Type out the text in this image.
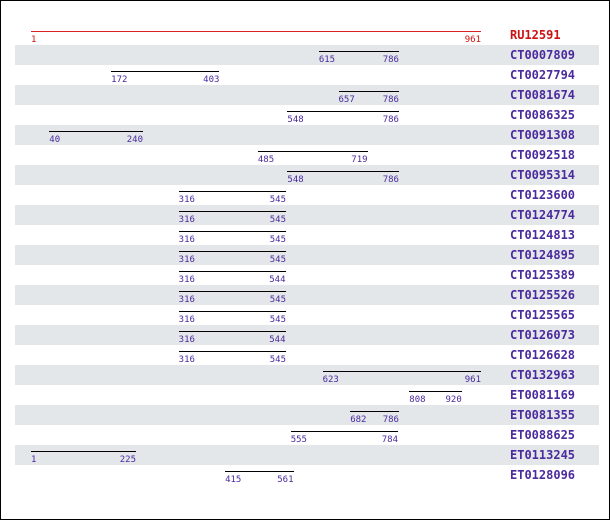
1	961 RU12591
615	786	CT0007809
172	403	CT0027794
657	786	CT0081674
548	786	CT0086325
40	240	CT0091308
485	719	CT0092518
548	786	CT0095314
316	545	CT0123600
316	545	CT0124774
316	545	CT0124813
316	545	CT0124895
316	544	CT0125389
316	545	CT0125526
316	545	CT0125565
316	544	CT0126073
316	545	CT0126628
623	961 CT0132963
808 920	ET0081169
682 786	ET0081355
555	784	ET0088625
1	225	ET0113245
415	561	ET0128096
